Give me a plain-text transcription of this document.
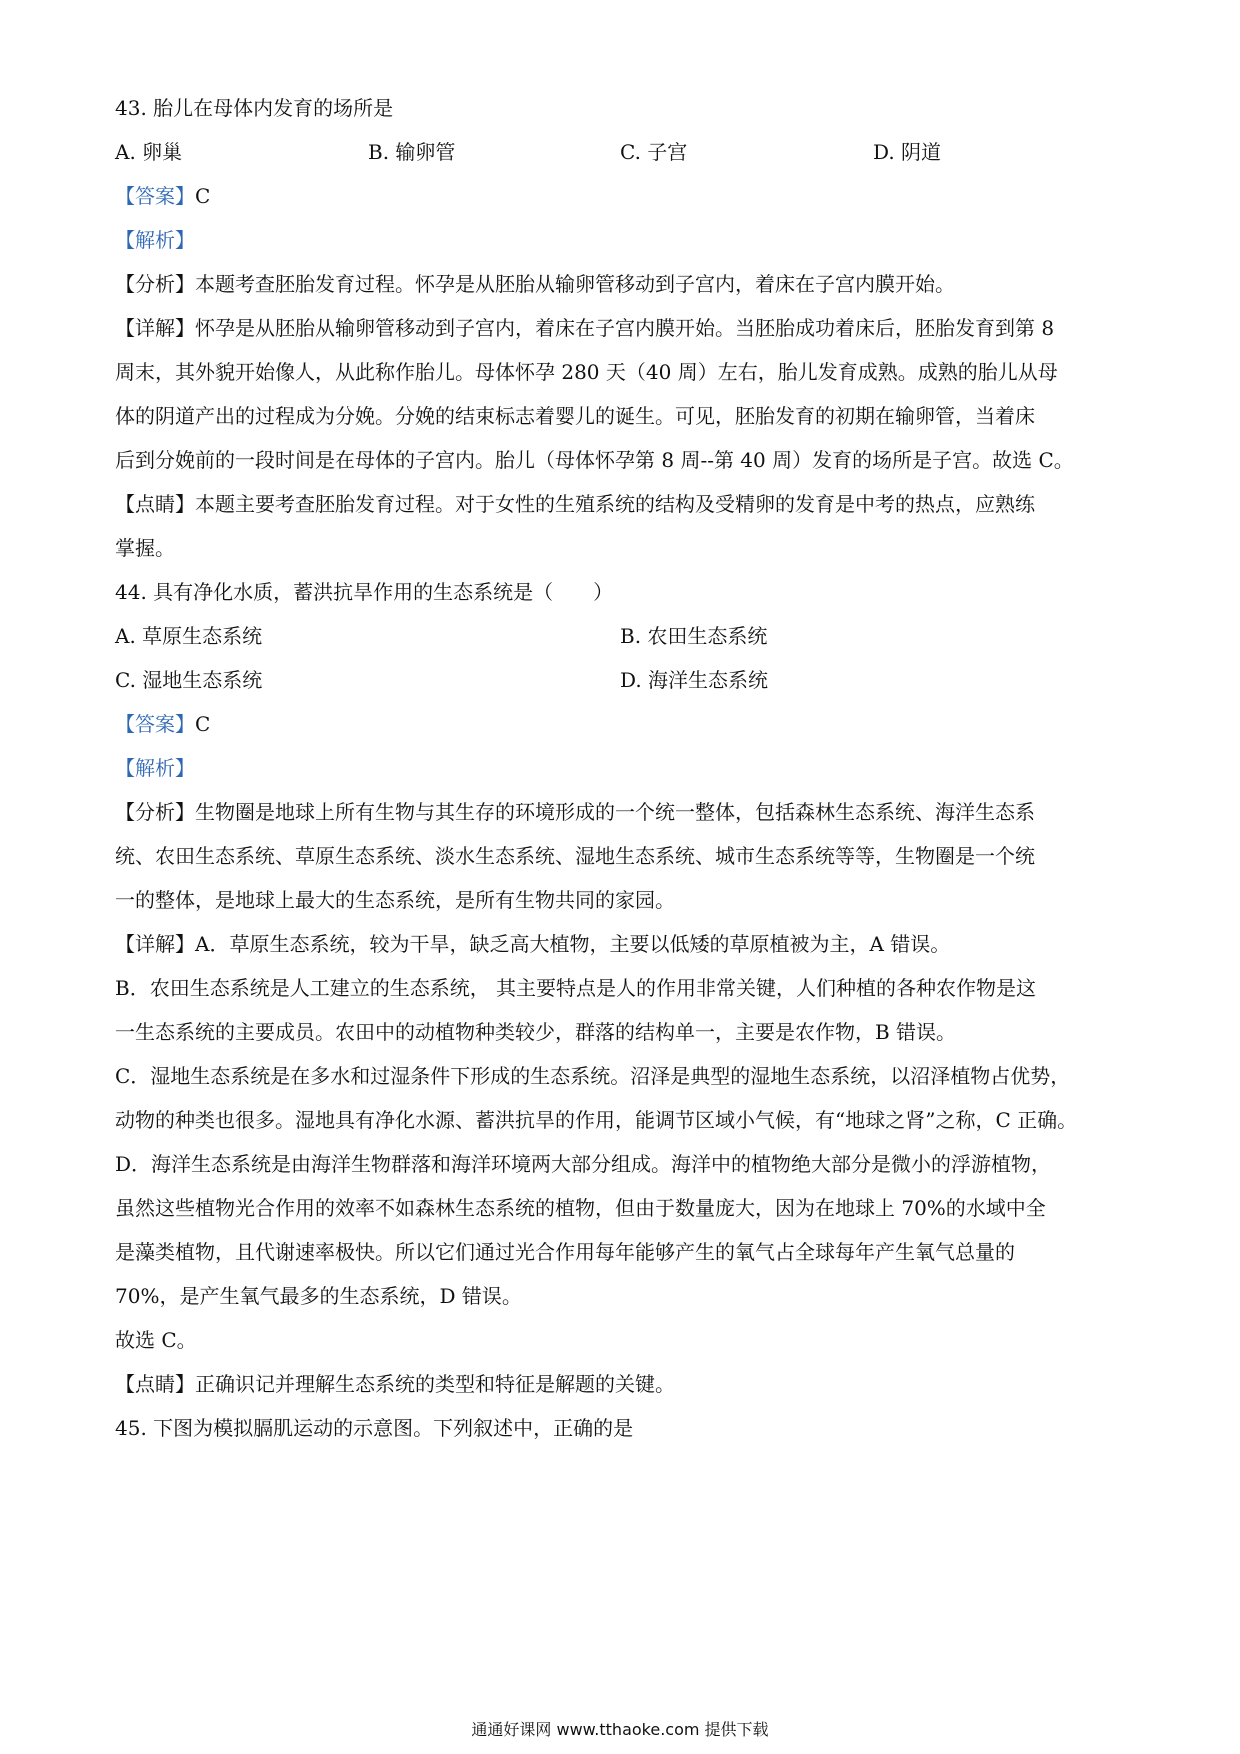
43. 胎儿在母体内发育的场所是
A. 卵巢	B. 输卵管	C. 子宫	D. 阴道
【答案】C
【解析】
【分析】本题考查胚胎发育过程。怀孕是从胚胎从输卵管移动到子宫内，着床在子宫内膜开始。
【详解】怀孕是从胚胎从输卵管移动到子宫内，着床在子宫内膜开始。当胚胎成功着床后，胚胎发育到第 8
周末，其外貌开始像人，从此称作胎儿。母体怀孕 280 天（40 周）左右，胎儿发育成熟。成熟的胎儿从母
体的阴道产出的过程成为分娩。分娩的结束标志着婴儿的诞生。可见，胚胎发育的初期在输卵管，当着床
后到分娩前的一段时间是在母体的子宫内。胎儿（母体怀孕第 8 周--第 40 周）发育的场所是子宫。故选 C。
【点睛】本题主要考查胚胎发育过程。对于女性的生殖系统的结构及受精卵的发育是中考的热点，应熟练
掌握。
44. 具有净化水质，蓄洪抗旱作用的生态系统是（　　）
A. 草原生态系统	B. 农田生态系统
C. 湿地生态系统	D. 海洋生态系统
【答案】C
【解析】
【分析】生物圈是地球上所有生物与其生存的环境形成的一个统一整体，包括森林生态系统、海洋生态系
统、农田生态系统、草原生态系统、淡水生态系统、湿地生态系统、城市生态系统等等，生物圈是一个统
一的整体，是地球上最大的生态系统，是所有生物共同的家园。
【详解】A．草原生态系统，较为干旱，缺乏高大植物，主要以低矮的草原植被为主，A 错误。
B．农田生态系统是人工建立的生态系统， 其主要特点是人的作用非常关键，人们种植的各种农作物是这
一生态系统的主要成员。农田中的动植物种类较少，群落的结构单一，主要是农作物，B 错误。
C．湿地生态系统是在多水和过湿条件下形成的生态系统。沼泽是典型的湿地生态系统，以沼泽植物占优势，
动物的种类也很多。湿地具有净化水源、蓄洪抗旱的作用，能调节区域小气候，有“地球之肾”之称，C 正确。
D．海洋生态系统是由海洋生物群落和海洋环境两大部分组成。海洋中的植物绝大部分是微小的浮游植物，
虽然这些植物光合作用的效率不如森林生态系统的植物，但由于数量庞大，因为在地球上 70%的水域中全
是藻类植物，且代谢速率极快。所以它们通过光合作用每年能够产生的氧气占全球每年产生氧气总量的
70%，是产生氧气最多的生态系统，D 错误。
故选 C。
【点睛】正确识记并理解生态系统的类型和特征是解题的关键。
45. 下图为模拟膈肌运动的示意图。下列叙述中，正确的是
通通好课网 www.tthaoke.com 提供下载
